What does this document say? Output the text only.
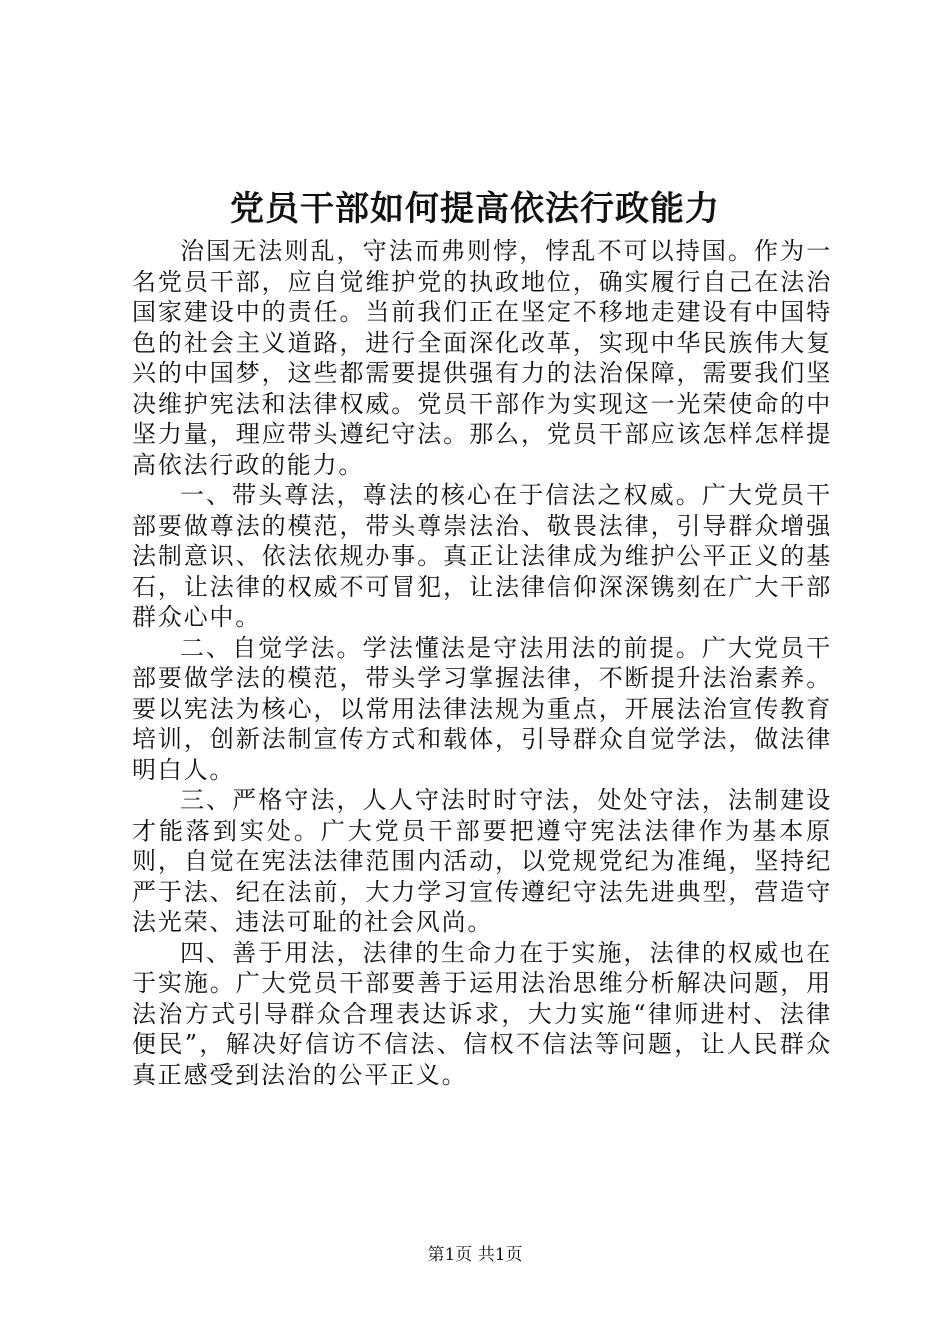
党员干部如何提高依法行政能力

治国无法则乱，守法而弗则悖，悖乱不可以持国。作为一名党员干部，应自觉维护党的执政地位，确实履行自己在法治国家建设中的责任。当前我们正在坚定不移地走建设有中国特色的社会主义道路，进行全面深化改革，实现中华民族伟大复兴的中国梦，这些都需要提供强有力的法治保障，需要我们坚决维护宪法和法律权威。党员干部作为实现这一光荣使命的中坚力量，理应带头遵纪守法。那么，党员干部应该怎样怎样提高依法行政的能力。

一、带头尊法，尊法的核心在于信法之权威。广大党员干部要做尊法的模范，带头尊崇法治、敬畏法律，引导群众增强法制意识、依法依规办事。真正让法律成为维护公平正义的基石，让法律的权威不可冒犯，让法律信仰深深镌刻在广大干部群众心中。

二、自觉学法。学法懂法是守法用法的前提。广大党员干部要做学法的模范，带头学习掌握法律，不断提升法治素养。要以宪法为核心，以常用法律法规为重点，开展法治宣传教育培训，创新法制宣传方式和载体，引导群众自觉学法，做法律明白人。

三、严格守法，人人守法时时守法，处处守法，法制建设才能落到实处。广大党员干部要把遵守宪法法律作为基本原则，自觉在宪法法律范围内活动，以党规党纪为准绳，坚持纪严于法、纪在法前，大力学习宣传遵纪守法先进典型，营造守法光荣、违法可耻的社会风尚。

四、善于用法，法律的生命力在于实施，法律的权威也在于实施。广大党员干部要善于运用法治思维分析解决问题，用法治方式引导群众合理表达诉求，大力实施“律师进村、法律便民”，解决好信访不信法、信权不信法等问题，让人民群众真正感受到法治的公平正义。

第1页 共1页
